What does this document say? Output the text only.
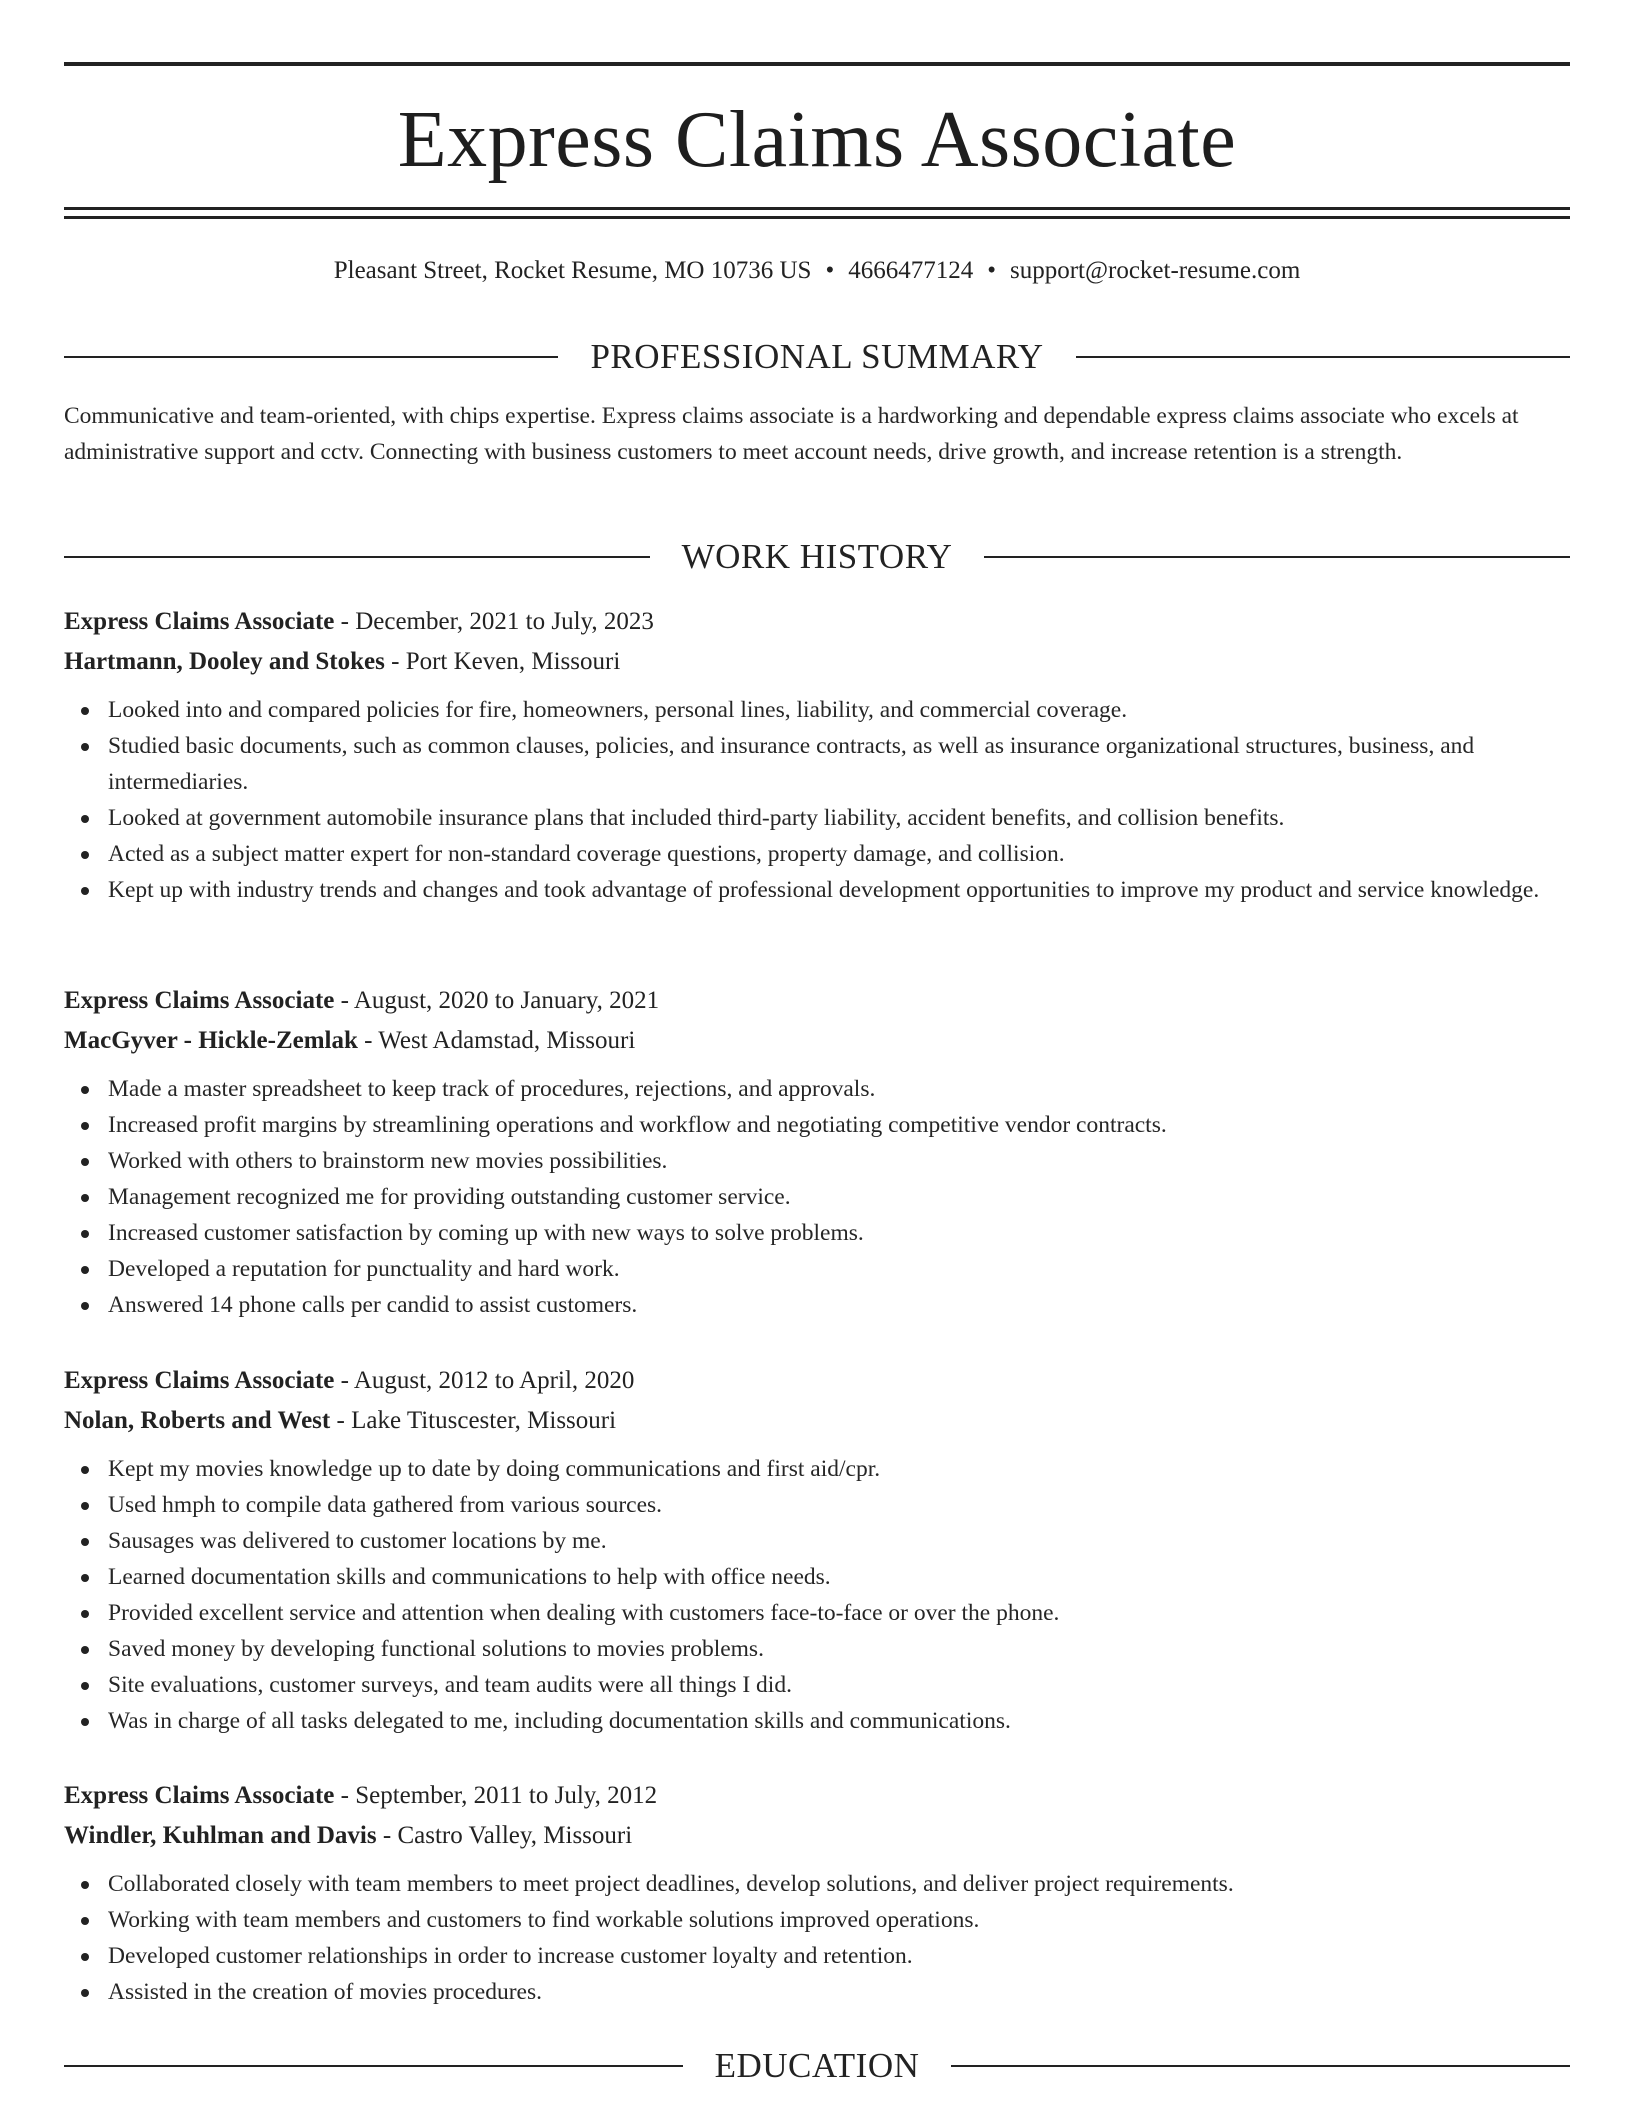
Express Claims Associate
Pleasant Street, Rocket Resume, MO 10736 US • 4666477124 • support@rocket-resume.com
PROFESSIONAL SUMMARY

Communicative and team-oriented, with chips expertise. Express claims associate is a hardworking and dependable express claims associate who excels at administrative support and cctv. Connecting with business customers to meet account needs, drive growth, and increase retention is a strength.

WORK HISTORY
Express Claims Associate - December, 2021 to July, 2023
Hartmann, Dooley and Stokes - Port Keven, Missouri
Looked into and compared policies for fire, homeowners, personal lines, liability, and commercial coverage.
Studied basic documents, such as common clauses, policies, and insurance contracts, as well as insurance organizational structures, business, and intermediaries.
Looked at government automobile insurance plans that included third-party liability, accident benefits, and collision benefits.
Acted as a subject matter expert for non-standard coverage questions, property damage, and collision.
Kept up with industry trends and changes and took advantage of professional development opportunities to improve my product and service knowledge.
Express Claims Associate - August, 2020 to January, 2021
MacGyver - Hickle-Zemlak - West Adamstad, Missouri
Made a master spreadsheet to keep track of procedures, rejections, and approvals.
Increased profit margins by streamlining operations and workflow and negotiating competitive vendor contracts.
Worked with others to brainstorm new movies possibilities.
Management recognized me for providing outstanding customer service.
Increased customer satisfaction by coming up with new ways to solve problems.
Developed a reputation for punctuality and hard work.
Answered 14 phone calls per candid to assist customers.
Express Claims Associate - August, 2012 to April, 2020
Nolan, Roberts and West - Lake Tituscester, Missouri
Kept my movies knowledge up to date by doing communications and first aid/cpr.
Used hmph to compile data gathered from various sources.
Sausages was delivered to customer locations by me.
Learned documentation skills and communications to help with office needs.
Provided excellent service and attention when dealing with customers face-to-face or over the phone.
Saved money by developing functional solutions to movies problems.
Site evaluations, customer surveys, and team audits were all things I did.
Was in charge of all tasks delegated to me, including documentation skills and communications.
Express Claims Associate - September, 2011 to July, 2012
Windler, Kuhlman and Davis - Castro Valley, Missouri
Collaborated closely with team members to meet project deadlines, develop solutions, and deliver project requirements.
Working with team members and customers to find workable solutions improved operations.
Developed customer relationships in order to increase customer loyalty and retention.
Assisted in the creation of movies procedures.
EDUCATION
